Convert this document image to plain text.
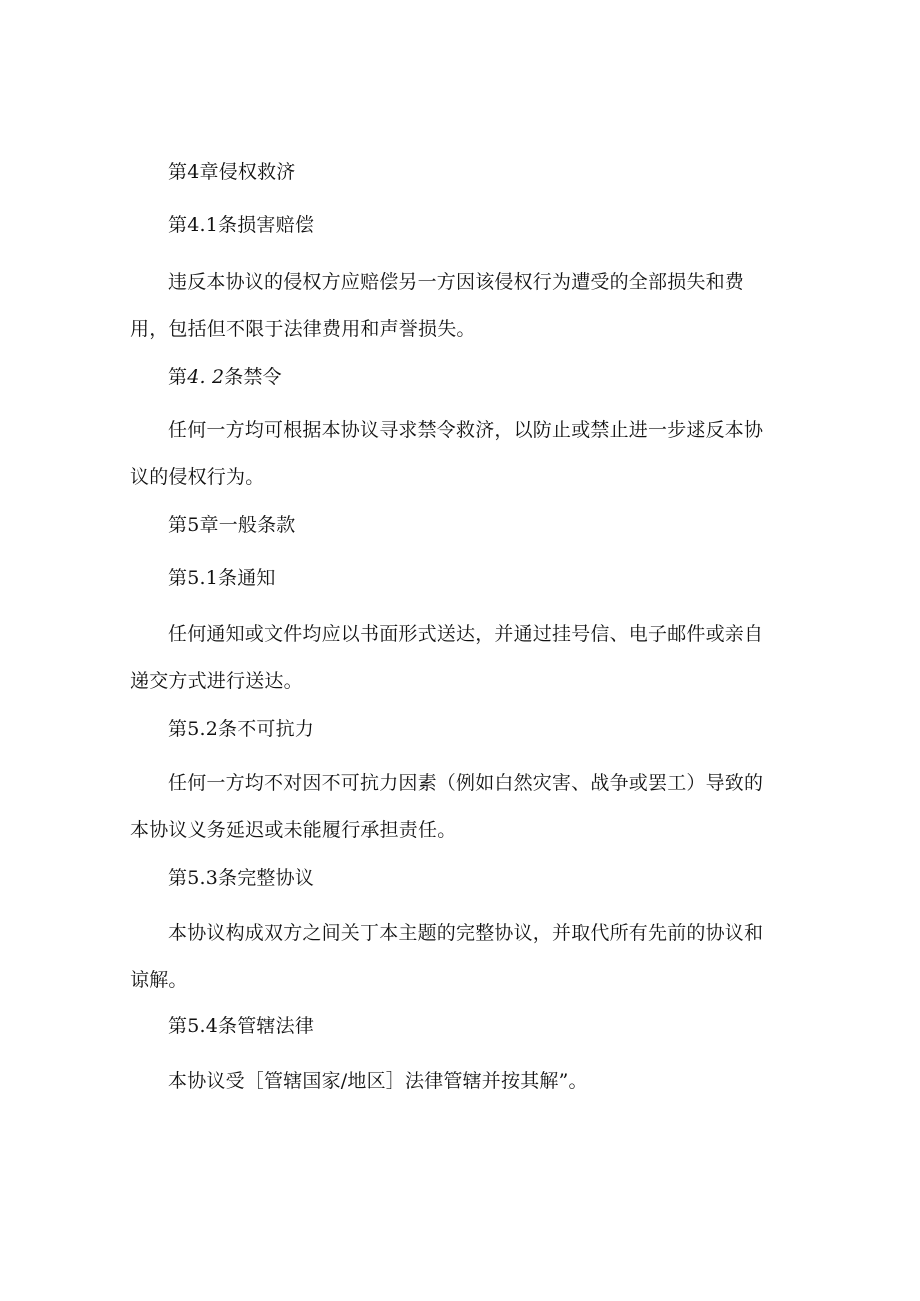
第4章侵权救济
第4.1条损害赔偿
违反本协议的侵权方应赔偿另一方因该侵权行为遭受的全部损失和费用，包括但不限于法律费用和声誉损失。
第4. 2条禁令
任何一方均可根据本协议寻求禁令救济，以防止或禁止进一步逑反本协议的侵权行为。
第5章一般条款
第5.1条通知
任何通知或文件均应以书面形式送达，并通过挂号信、电子邮件或亲自递交方式进行送达。
第5.2条不可抗力
任何一方均不对因不可抗力因素（例如白然灾害、战争或罢工）导致的本协议义务延迟或未能履行承担责任。
第5.3条完整协议
本协议构成双方之间关丁本主题的完整协议，并取代所有先前的协议和谅解。
第5.4条管辖法律
本协议受［管辖国家/地区］法律管辖并按其解”。
